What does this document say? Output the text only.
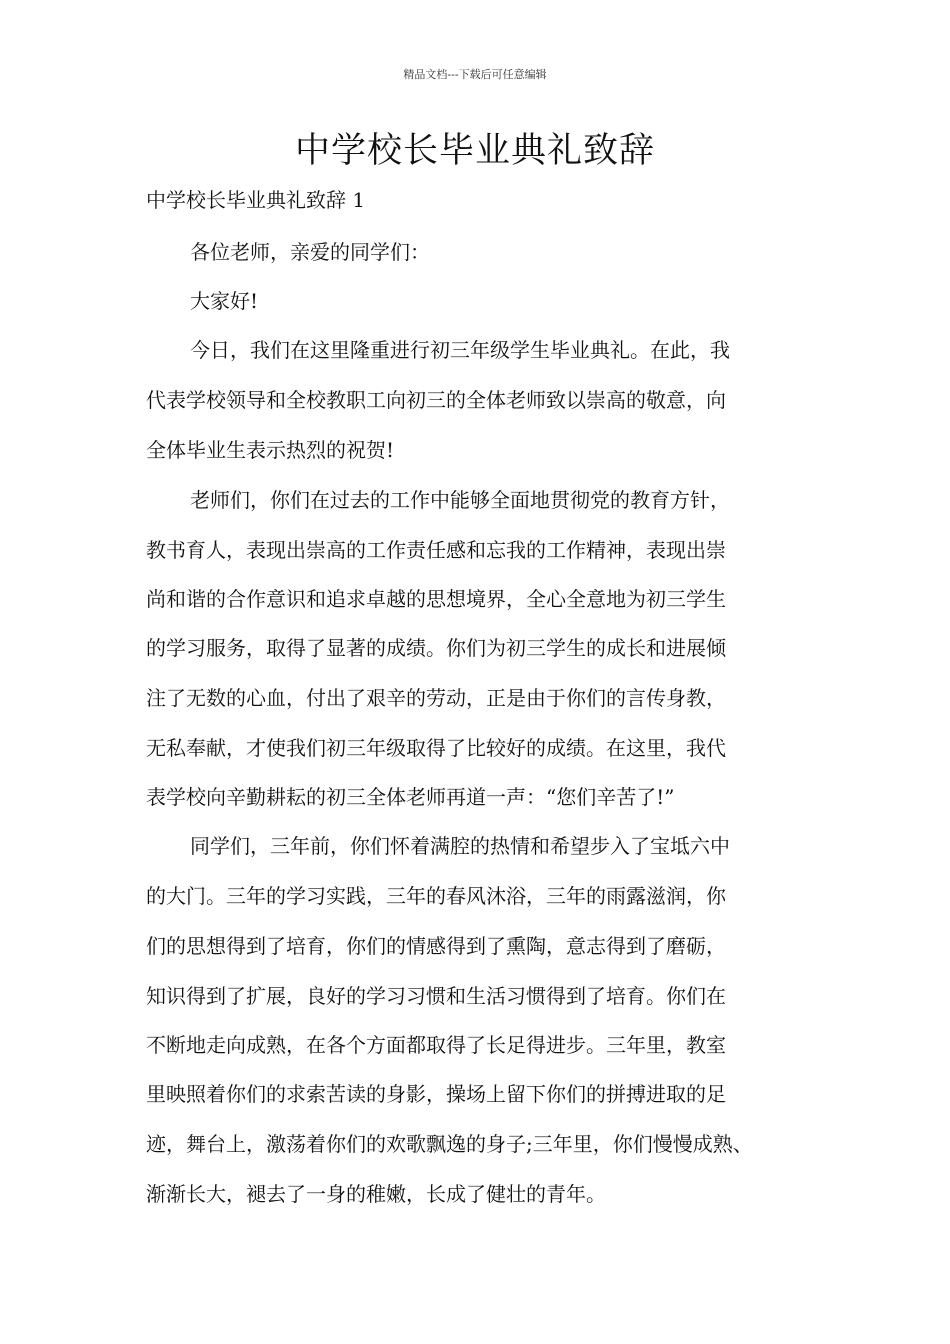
精品文档---下载后可任意编辑
中学校长毕业典礼致辞
中学校长毕业典礼致辞 1
各位老师，亲爱的同学们：
大家好!
今日，我们在这里隆重进行初三年级学生毕业典礼。在此，我
代表学校领导和全校教职工向初三的全体老师致以崇高的敬意，向
全体毕业生表示热烈的祝贺!
老师们，你们在过去的工作中能够全面地贯彻党的教育方针，
教书育人，表现出崇高的工作责任感和忘我的工作精神，表现出崇
尚和谐的合作意识和追求卓越的思想境界，全心全意地为初三学生
的学习服务，取得了显著的成绩。你们为初三学生的成长和进展倾
注了无数的心血，付出了艰辛的劳动，正是由于你们的言传身教，
无私奉献，才使我们初三年级取得了比较好的成绩。在这里，我代
表学校向辛勤耕耘的初三全体老师再道一声：“您们辛苦了!”
同学们，三年前，你们怀着满腔的热情和希望步入了宝坻六中
的大门。三年的学习实践，三年的春风沐浴，三年的雨露滋润，你
们的思想得到了培育，你们的情感得到了熏陶，意志得到了磨砺，
知识得到了扩展，良好的学习习惯和生活习惯得到了培育。你们在
不断地走向成熟，在各个方面都取得了长足得进步。三年里，教室
里映照着你们的求索苦读的身影，操场上留下你们的拼搏进取的足
迹，舞台上，激荡着你们的欢歌飘逸的身子;三年里，你们慢慢成熟、
渐渐长大，褪去了一身的稚嫩，长成了健壮的青年。
